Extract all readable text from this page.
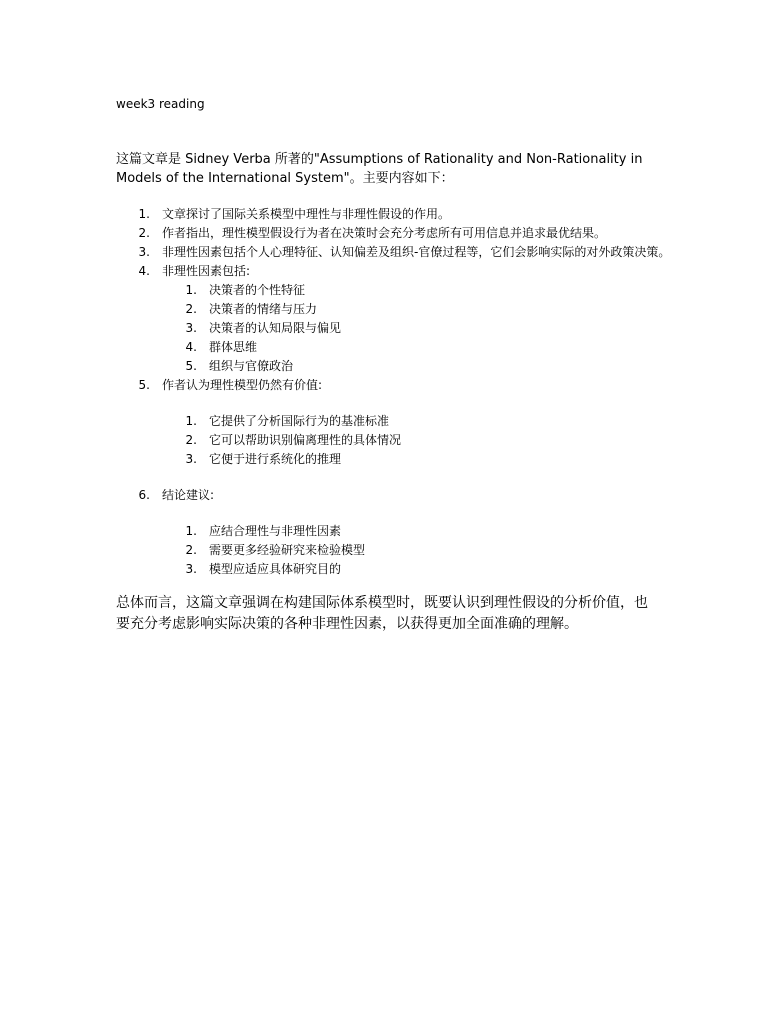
week3 reading
这篇文章是 Sidney Verba 所著的"Assumptions of Rationality and Non-Rationality in Models of the International System"。主要内容如下：
1. 文章探讨了国际关系模型中理性与非理性假设的作用。
2. 作者指出，理性模型假设行为者在决策时会充分考虑所有可用信息并追求最优结果。
3. 非理性因素包括个人心理特征、认知偏差及组织-官僚过程等，它们会影响实际的对外政策决策。
4. 非理性因素包括:
1. 决策者的个性特征
2. 决策者的情绪与压力
3. 决策者的认知局限与偏见
4. 群体思维
5. 组织与官僚政治
5. 作者认为理性模型仍然有价值:
1. 它提供了分析国际行为的基准标准
2. 它可以帮助识别偏离理性的具体情况
3. 它便于进行系统化的推理
6. 结论建议:
1. 应结合理性与非理性因素
2. 需要更多经验研究来检验模型
3. 模型应适应具体研究目的
总体而言，这篇文章强调在构建国际体系模型时，既要认识到理性假设的分析价值，也要充分考虑影响实际决策的各种非理性因素，以获得更加全面准确的理解。
